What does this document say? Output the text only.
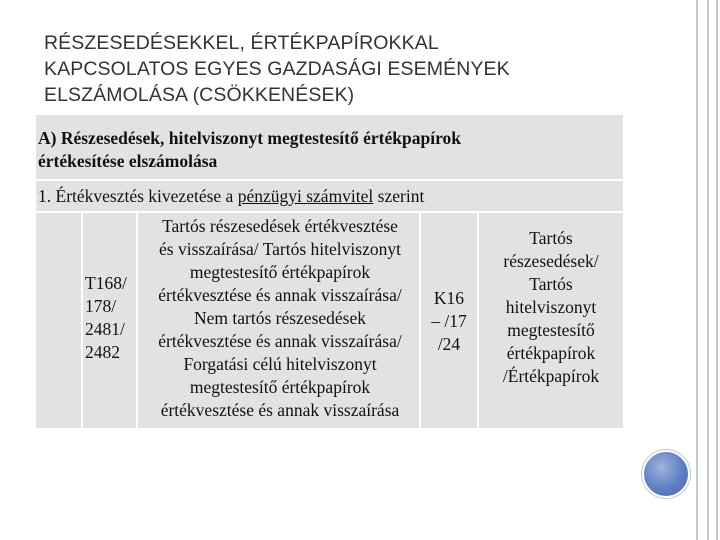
RÉSZESEDÉSEKKEL, ÉRTÉKPAPÍROKKAL
KAPCSOLATOS EGYES GAZDASÁGI ESEMÉNYEK
ELSZÁMOLÁSA (CSÖKKENÉSEK)
A) Részesedések, hitelviszonyt megtestesítő értékpapírok
értékesítése elszámolása
1. Értékvesztés kivezetése a pénzügyi számvitel szerint
T168/
178/
2481/
2482
Tartós részesedések értékvesztése
és visszaírása/ Tartós hitelviszonyt
megtestesítő értékpapírok
értékvesztése és annak visszaírása/
Nem tartós részesedések
értékvesztése és annak visszaírása/
Forgatási célú hitelviszonyt
megtestesítő értékpapírok
értékvesztése és annak visszaírása
K16
– /17
/24
Tartós
részesedések/
Tartós
hitelviszonyt
megtestesítő
értékpapírok
/Értékpapírok
